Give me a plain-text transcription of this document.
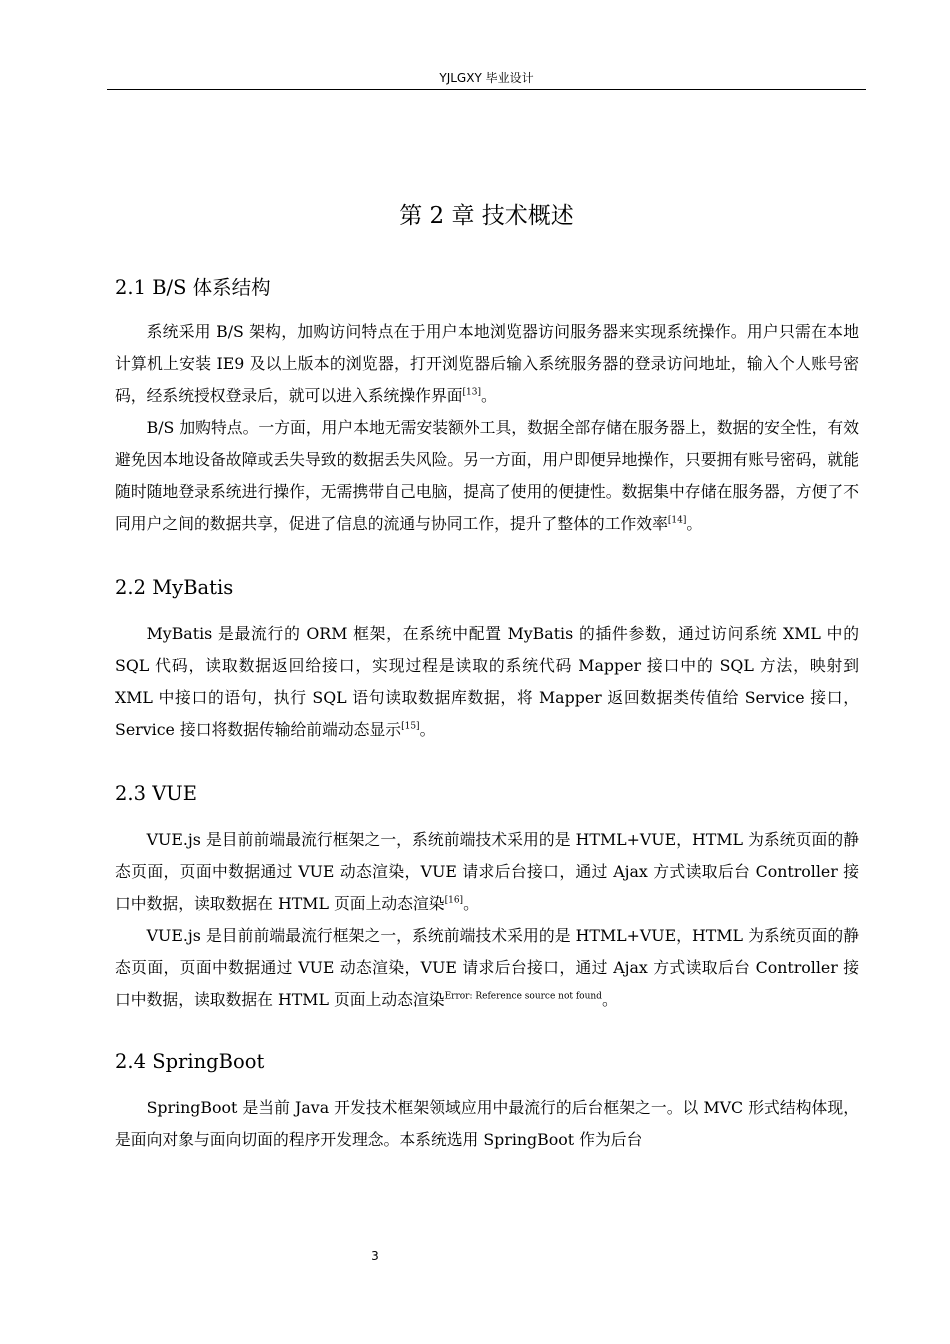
YJLGXY 毕业设计
第 2 章 技术概述
2.1 B/S 体系结构

系统采用 B/S 架构，加购访问特点在于用户本地浏览器访问服务器来实现系统操作。用户只需在本地计算机上安装 IE9 及以上版本的浏览器，打开浏览器后输入系统服务器的登录访问地址，输入个人账号密码，经系统授权登录后，就可以进入系统操作界面[13]。

B/S 加购特点。一方面，用户本地无需安装额外工具，数据全部存储在服务器上，数据的安全性，有效避免因本地设备故障或丢失导致的数据丢失风险。另一方面，用户即便异地操作，只要拥有账号密码，就能随时随地登录系统进行操作，无需携带自己电脑，提高了使用的便捷性。数据集中存储在服务器，方便了不同用户之间的数据共享，促进了信息的流通与协同工作，提升了整体的工作效率[14]。

2.2 MyBatis

MyBatis 是最流行的 ORM 框架，在系统中配置 MyBatis 的插件参数，通过访问系统 XML 中的 SQL 代码，读取数据返回给接口，实现过程是读取的系统代码 Mapper 接口中的 SQL 方法，映射到 XML 中接口的语句，执行 SQL 语句读取数据库数据，将 Mapper 返回数据类传值给 Service 接口，Service 接口将数据传输给前端动态显示[15]。

2.3 VUE

VUE.js 是目前前端最流行框架之一，系统前端技术采用的是 HTML+VUE，HTML 为系统页面的静态页面，页面中数据通过 VUE 动态渲染，VUE 请求后台接口，通过 Ajax 方式读取后台 Controller 接口中数据，读取数据在 HTML 页面上动态渲染[16]。

VUE.js 是目前前端最流行框架之一，系统前端技术采用的是 HTML+VUE，HTML 为系统页面的静态页面，页面中数据通过 VUE 动态渲染，VUE 请求后台接口，通过 Ajax 方式读取后台 Controller 接口中数据，读取数据在 HTML 页面上动态渲染$^{Error: Reference source not found}$。

2.4 SpringBoot

SpringBoot 是当前 Java 开发技术框架领域应用中最流行的后台框架之一。以 MVC 形式结构体现，是面向对象与面向切面的程序开发理念。本系统选用 SpringBoot 作为后台

3
